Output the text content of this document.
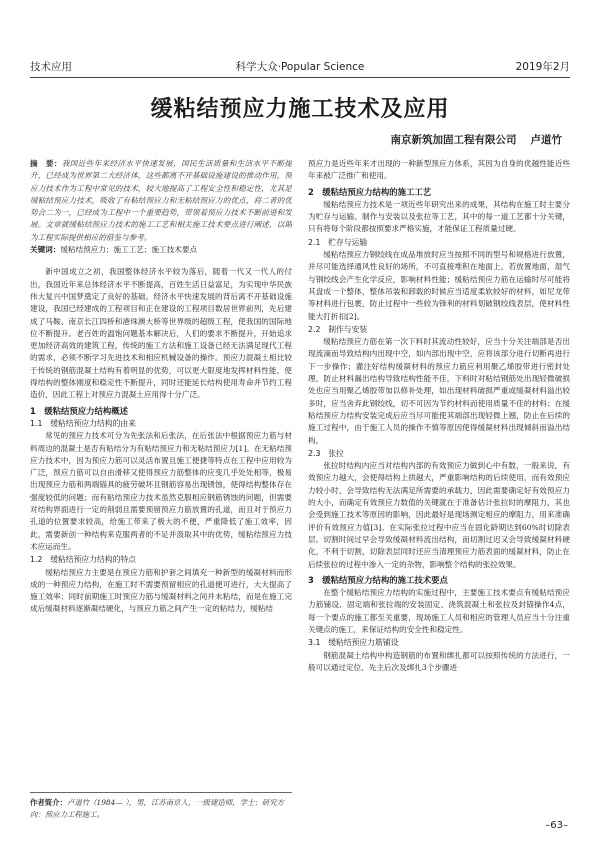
技术应用	科学大众·Popular Science	2019年2月
缓粘结预应力施工技术及应用
南京新筑加固工程有限公司 卢道竹

摘　要：我国近些年来经济水平快速发展，国民生活质量和生活水平不断提升，已经成为世界第二大经济体，这些都离不开基础设施建设的推动作用，预应力技术作为工程中常见的技术，较大地提高了工程安全性和稳定性，尤其是缓粘结预应力技术，吸收了有粘结预应力和无粘结预应力的优点，将二者的优势合二为一，已经成为工程中一个重要趋势，带领着预应力技术不断前进和发展。文章就缓粘结预应力技术的施工工艺和相关施工技术要点进行阐述，以期为工程实际提供相应的借鉴与参考。

关键词：缓粘结预应力；施工工艺；施工技术要点

新中国成立之初，我国整体经济水平较为落后，随着一代又一代人的付出，我国近年来总体经济水平不断提高，百姓生活日益富足，为实现中华民族伟大复兴中国梦奠定了良好的基础。经济水平快速发展的背后离不开基础设施建设，我国已经建成的工程项目和正在建设的工程项目数居世界前列，先后建成了马鞍、南京长江四桥和港珠澳大桥等世界级的超级工程，使我国的国际地位不断提升。老百姓的温饱问题基本解决后，人们的要求不断提升，开始追求更加经济高效的建筑工程，传统的施工方法和施工设备已经无法满足现代工程的需求，必须不断学习先进技术和相应机械设备的操作。预应力混凝土相比较于传统的钢筋混凝土结构有着明显的优势，可以更大限度地发挥材料性能，使得结构的整体刚度和稳定性不断提升，同时还能延长结构使用寿命并节约工程造价，因此工程上对预应力混凝土应用得十分广泛。

1　缓粘结预应力结构概述
1.1　缓粘结预应力结构的由来

常见的预应力技术可分为先张法和后张法，在后张法中根据预应力筋与材料周边的混凝土是否有粘结分为有粘结预应力和无粘结预应力[1]。在无粘结预应力技术中，因为预应力筋可以灵活布置且施工便捷等特点在工程中应用较为广泛，预应力筋可以自由滑移又使得预应力筋整体的应变几乎处处相等，极易出现预应力筋和两端锚具的疲劳破坏且钢筋容易出现锈蚀，使得结构整体存在强度较低的问题；而有粘结预应力技术虽然克服相应钢筋锈蚀的问题，但需要对结构界面进行一定的削弱且需要预留预应力筋放置的孔道，而且对于预应力孔道的位置要求较高，给施工带来了极大的不便，严重降低了施工效率，因此，需要新创一种结构来克服两者的不足并汲取其中的优势，缓粘结预应力技术应运而生。

1.2　缓粘结预应力结构的特点

缓粘结预应力主要是在预应力筋和护套之间填充一种新型的缓凝材料而形成的一种预应力结构，在施工时不需要预留相应的孔道便可进行，大大提高了施工效率；同时前期施工时预应力筋与缓凝材料之间并未粘结，而是在施工完成后缓凝材料逐渐凝结硬化，与预应力筋之间产生一定的粘结力，缓粘结

预应力是近些年来才出现的一种新型预应力体系，其因为自身的优越性能近些年来被广泛推广和使用。

2　缓粘结预应力结构的施工工艺

缓粘结预应力技术是一项近些年研究出来的成果，其结构在施工时主要分为贮存与运输、制作与安装以及张拉等工艺，其中的每一道工艺都十分关键，只有将每个阶段都按照要求严格实施，才能保证工程质量过硬。

2.1　贮存与运输

缓粘结预应力钢绞线在成品堆放时应当按照不同的型号和规格进行放置，并尽可能选择通风性良好的场所，不可直接堆积在地面上，若放置地面，湿气与钢绞线会产生化学反应，影响材料性能；缓粘结预应力筋在运输时尽可能将其盘成一个整体，整体吊装和卸载的时候应当适度柔软较好的材料，如尼龙带等材料进行包裹，防止过程中一些较为锋利的材料划破钢绞线表层，使材料性能大打折扣[2]。

2.2　制作与安装

缓粘结预应力筋在第一次下料时其流动性较好，应当十分关注端部是否出现流滴而导致结构内出现中空，如内部出现中空，应将该部分进行切断再进行下一步操作；灌注好结构缓凝材料的预应力筋应利用聚乙烯胶带进行密封处理，防止材料漏出结构导致结构性能不佳，下料时对粘结钢筋处出现轻微破损处也应当用聚乙烯胶带加以修补处理，如出现材料破损严重或缓凝材料溢出较多时，应当舍弃此钢绞线，切不可因为节约材料而使用质量不佳的材料；在缓粘结预应力结构安装完成后应当尽可能使其端部出现轻微上翘，防止在后续的施工过程中，由于施工人员的操作不慎等原因使得缓凝材料出现倾斜而溢出结构。

2.3　张拉

张拉时结构内应当对结构内部的有效预应力做到心中有数，一般来说，有效预应力越大，会使得结构上拱越大，严重影响结构的后续使用，而有效预应力较小时，会导致结构无法满足所需要的承载力，因此需要确定好有效预应力的大小，而确定有效预应力数值的关键就在于准备估计张拉时的摩阻力，其也会受到施工技术等原因的影响，因此最好是现场测定相应的摩阻力，用来准确评价有效预应力值[3]。在实际张拉过程中应当在固化龄期达到60%时切除表层。切割时间过早会导致缓凝材料流出结构，而切割过迟又会导致缓凝材料硬化，不利于切割，切除表层同时还应当清理预应力筋表面的缓凝材料，防止在后续张拉的过程中渗入一定的杂物，影响整个结构的张拉效果。

3　缓粘结预应力结构的施工技术要点

在整个缓粘结预应力结构的实施过程中，主要施工技术要点有缓粘结预应力筋铺设、固定端和张拉端的安装固定、浇筑混凝土和张拉及封锚操作4点，每一个要点的施工都至关重要，现场施工人员和相应的管理人员应当十分注重关键点的施工，来保证结构的安全性和稳定性。

3.1　缓粘结预应力筋铺设

钢筋混凝土结构中构造钢筋的布置和绑扎都可以按照传统的方法进行，一般可以通过定位、先主后次及绑扎3个步骤进

作者简介：卢道竹（1984— ），男，江苏南京人，一级建造师，学士；研究方向：预应力工程施工。
–63–
